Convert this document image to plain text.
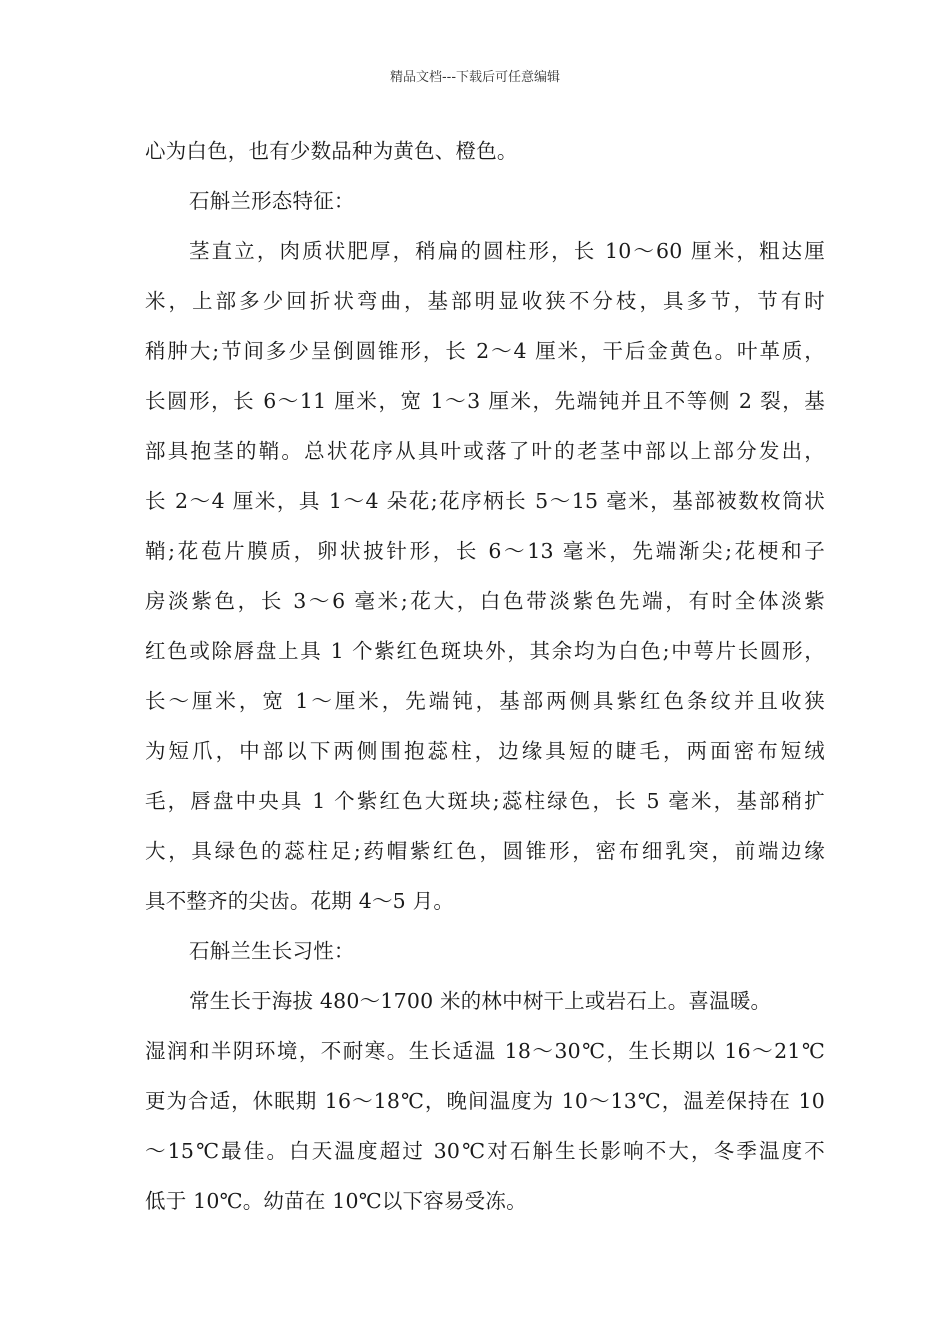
精品文档---下载后可任意编辑
心为白色，也有少数品种为黄色、橙色。
石斛兰形态特征：
茎直立，肉质状肥厚，稍扁的圆柱形，长 10～60 厘米，粗达厘
米，上部多少回折状弯曲，基部明显收狭不分枝，具多节，节有时
稍肿大;节间多少呈倒圆锥形，长 2～4 厘米，干后金黄色。叶革质，
长圆形，长 6～11 厘米，宽 1～3 厘米，先端钝并且不等侧 2 裂，基
部具抱茎的鞘。总状花序从具叶或落了叶的老茎中部以上部分发出，
长 2～4 厘米，具 1～4 朵花;花序柄长 5～15 毫米，基部被数枚筒状
鞘;花苞片膜质，卵状披针形，长 6～13 毫米，先端渐尖;花梗和子
房淡紫色，长 3～6 毫米;花大，白色带淡紫色先端，有时全体淡紫
红色或除唇盘上具 1 个紫红色斑块外，其余均为白色;中萼片长圆形，
长～厘米，宽 1～厘米，先端钝，基部两侧具紫红色条纹并且收狭
为短爪，中部以下两侧围抱蕊柱，边缘具短的睫毛，两面密布短绒
毛，唇盘中央具 1 个紫红色大斑块;蕊柱绿色，长 5 毫米，基部稍扩
大，具绿色的蕊柱足;药帽紫红色，圆锥形，密布细乳突，前端边缘
具不整齐的尖齿。花期 4～5 月。
石斛兰生长习性：
常生长于海拔 480～1700 米的林中树干上或岩石上。喜温暖。
湿润和半阴环境，不耐寒。生长适温 18～30℃，生长期以 16～21℃
更为合适，休眠期 16～18℃，晚间温度为 10～13℃，温差保持在 10
～15℃最佳。白天温度超过 30℃对石斛生长影响不大，冬季温度不
低于 10℃。幼苗在 10℃以下容易受冻。
